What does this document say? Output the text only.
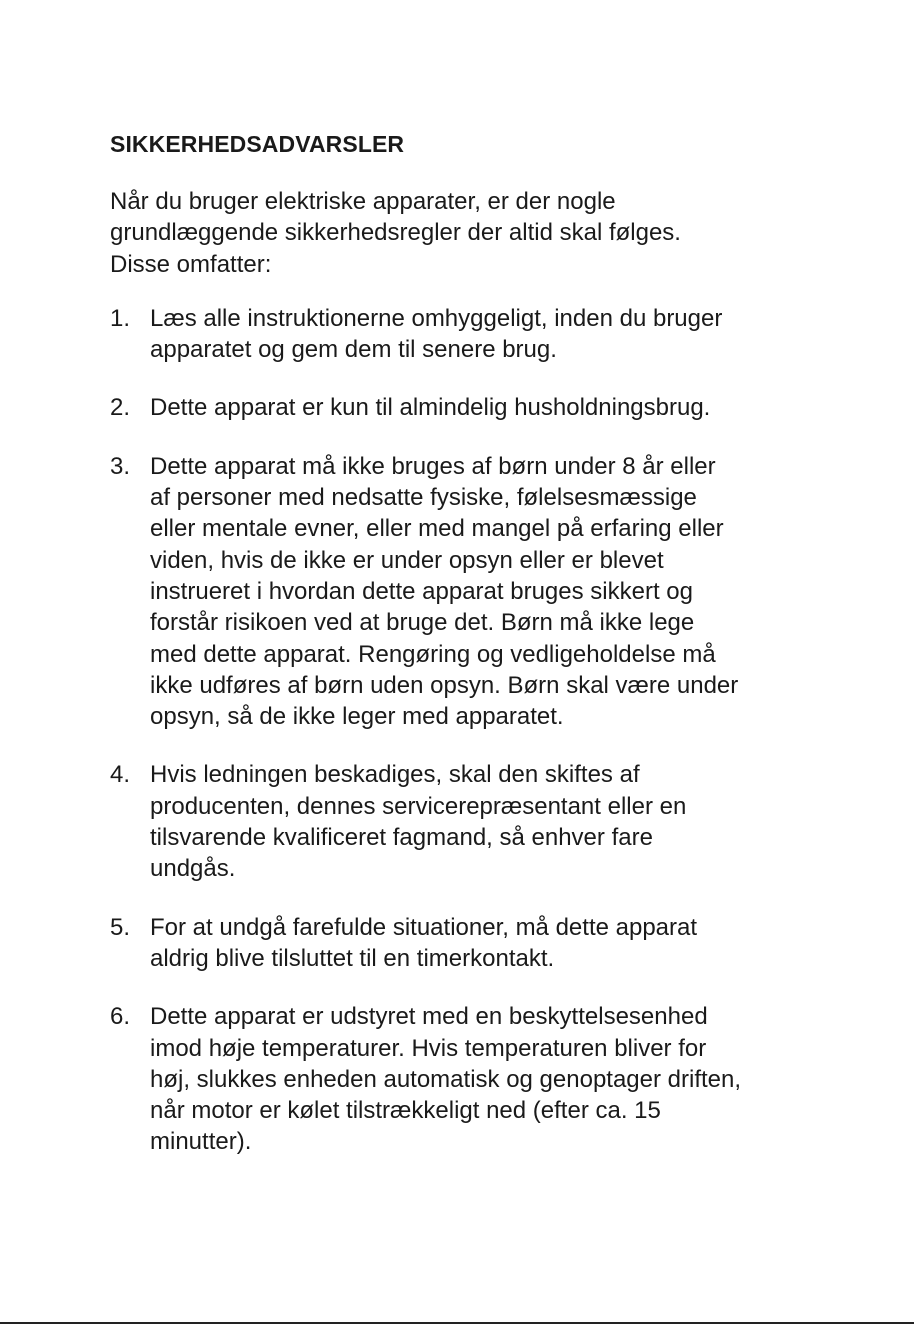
SIKKERHEDSADVARSLER

Når du bruger elektriske apparater, er der nogle
grundlæggende sikkerhedsregler der altid skal følges.
Disse omfatter:

1. Læs alle instruktionerne omhyggeligt, inden du bruger
apparatet og gem dem til senere brug.
2. Dette apparat er kun til almindelig husholdningsbrug.
3. Dette apparat må ikke bruges af børn under 8 år eller
af personer med nedsatte fysiske, følelsesmæssige
eller mentale evner, eller med mangel på erfaring eller
viden, hvis de ikke er under opsyn eller er blevet
instrueret i hvordan dette apparat bruges sikkert og
forstår risikoen ved at bruge det. Børn må ikke lege
med dette apparat. Rengøring og vedligeholdelse må
ikke udføres af børn uden opsyn. Børn skal være under
opsyn, så de ikke leger med apparatet.
4. Hvis ledningen beskadiges, skal den skiftes af
producenten, dennes servicerepræsentant eller en
tilsvarende kvalificeret fagmand, så enhver fare
undgås.
5. For at undgå farefulde situationer, må dette apparat
aldrig blive tilsluttet til en timerkontakt.
6. Dette apparat er udstyret med en beskyttelsesenhed
imod høje temperaturer. Hvis temperaturen bliver for
høj, slukkes enheden automatisk og genoptager driften,
når motor er kølet tilstrækkeligt ned (efter ca. 15
minutter).
